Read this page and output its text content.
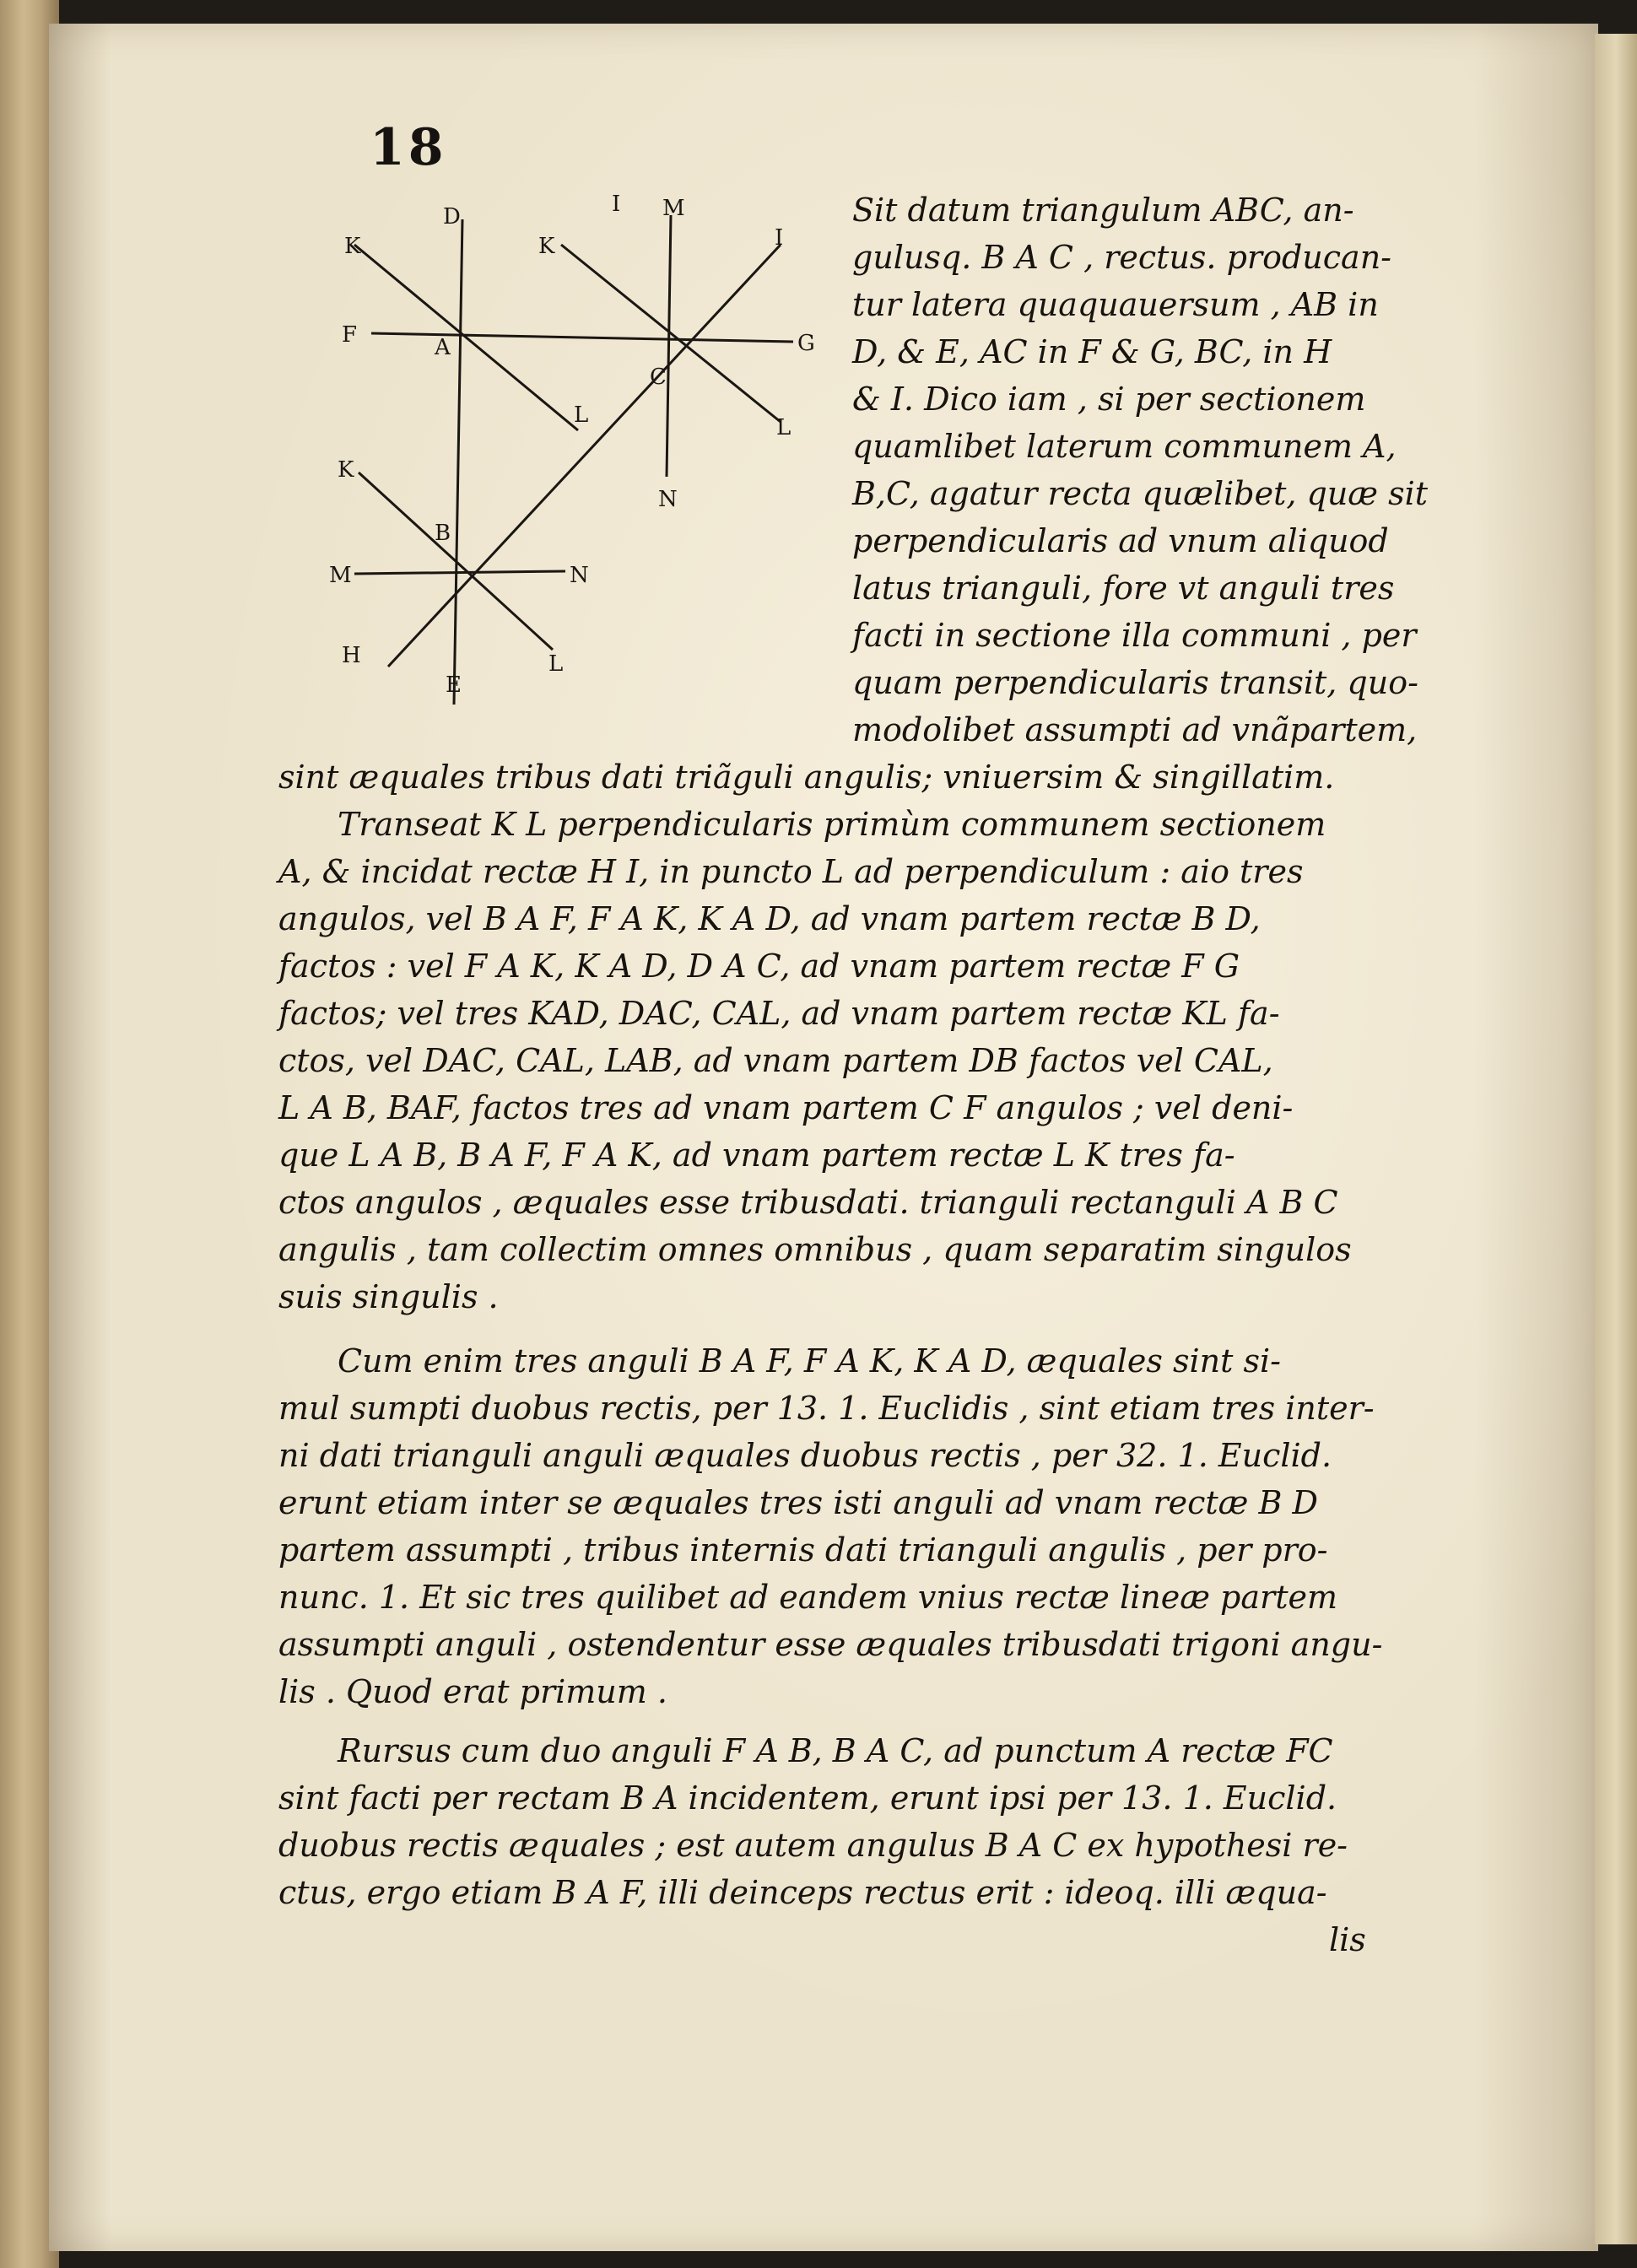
18
K
D	I M
K	I
F	A	G
C
L	L
K
N
B
M	N
H	L
E
Sit datum triangulum ABC, an-
gulusq. B A C , rectus. producan-
tur latera quaquauersum , AB in
D, & E, AC in F & G, BC, in H
& I. Dico iam , si per sectionem
quamlibet laterum communem A,
B,C, agatur recta quælibet, quæ sit
perpendicularis ad vnum aliquod
latus trianguli, fore vt anguli tres
facti in sectione illa communi , per
quam perpendicularis transit, quo-
modolibet assumpti ad vnãpartem,
sint æquales tribus dati triãguli angulis; vniuersim & singillatim.
Transeat K L perpendicularis primùm communem sectionem
A, & incidat rectæ H I, in puncto L ad perpendiculum : aio tres
angulos, vel B A F, F A K, K A D, ad vnam partem rectæ B D,
factos : vel F A K, K A D, D A C, ad vnam partem rectæ F G
factos; vel tres KAD, DAC, CAL, ad vnam partem rectæ KL fa-
ctos, vel DAC, CAL, LAB, ad vnam partem DB factos vel CAL,
L A B, BAF, factos tres ad vnam partem C F angulos ; vel deni-
que L A B, B A F, F A K, ad vnam partem rectæ L K tres fa-
ctos angulos , æquales esse tribusdati. trianguli rectanguli A B C
angulis , tam collectim omnes omnibus , quam separatim singulos
suis singulis .
Cum enim tres anguli B A F, F A K, K A D, æquales sint si-
mul sumpti duobus rectis, per 13. 1. Euclidis , sint etiam tres inter-
ni dati trianguli anguli æquales duobus rectis , per 32. 1. Euclid.
erunt etiam inter se æquales tres isti anguli ad vnam rectæ B D
partem assumpti , tribus internis dati trianguli angulis , per pro-
nunc. 1. Et sic tres quilibet ad eandem vnius rectæ lineæ partem
assumpti anguli , ostendentur esse æquales tribusdati trigoni angu-
lis . Quod erat primum .
Rursus cum duo anguli F A B, B A C, ad punctum A rectæ FC
sint facti per rectam B A incidentem, erunt ipsi per 13. 1. Euclid.
duobus rectis æquales ; est autem angulus B A C ex hypothesi re-
ctus, ergo etiam B A F, illi deinceps rectus erit : ideoq. illi æqua-
lis
